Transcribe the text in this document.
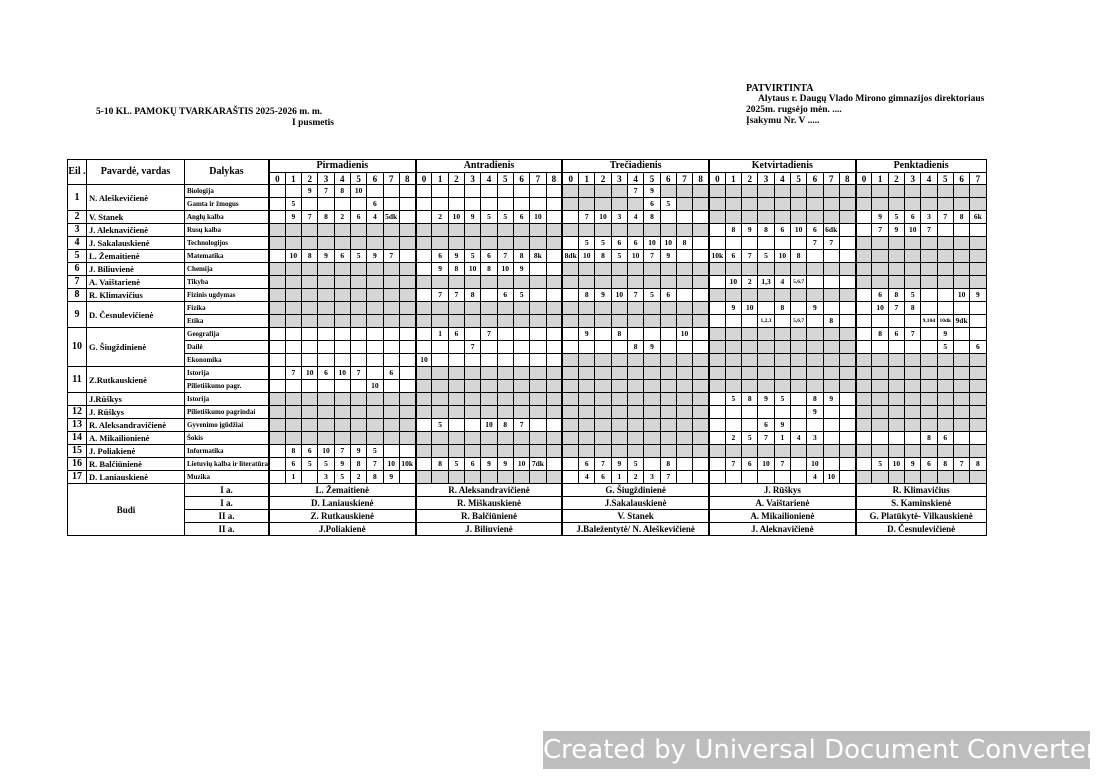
PATVIRTINTA
Alytaus r. Daugų Vlado Mirono gimnazijos direktoriaus
2025m. rugsėjo mėn. ....
Įsakymu Nr. V .....
5-10 KL. PAMOKŲ TVARKARAŠTIS 2025-2026 m. m.
I pusmetis
Eil .	Pavardė, vardas	Dalykas	Pirmadienis									Antradienis									Trečiadienis									Ketvirtadienis									Penktadienis							
			0	1	2	3	4	5	6	7	8	0	1	2	3	4	5	6	7	8	0	1	2	3	4	5	6	7	8	0	1	2	3	4	5	6	7	8	0	1	2	3	4	5	6	7
1	N. Aleškevičienė	Biologija			9	7	8	10																	7	9																				
		Gamta ir žmogus		5					6																	6	5																			
2	V. Stanek	Anglų kalba		9	7	8	2	6	4	5dk			2	10	9	5	5	6	10			7	10	3	4	8														9	5	6	3	7	8	6k
3	J. Aleknavičienė	Rusų kalba																													8	9	8	6	10	6	6dk			7	9	10	7			
4	J. Sakalauskienė	Technologijos																				5	5	6	6	10	10	8								7	7									
5	L. Žemaitienė	Matematika		10	8	9	6	5	9	7			6	9	5	6	7	8	8k		8dk	10	8	5	10	7	9			10k	6	7	5	10	8											
6	J. Biliuvienė	Chemija											9	8	10	8	10	9																												
7	A. Vaištarienė	Tikyba																													10	2	1,3	4	5,6,7											
8	R. Klimavičius	Fizinis ugdymas											7	7	8		6	5				8	9	10	7	5	6													6	8	5			10	9
9	D. Česnulevičienė	Fizika																													9	10		8		9				10	7	8				
		Etika																															1,2,3		5,6,7		8						9,10d	10dk	9dk	
10	G. Šiugždinienė	Geografija											1	6		7						9		8				10												8	6	7		9		
		Dailė													7										8	9																		5		6
		Ekonomika										10																																		
11	Z.Rutkauskienė	Istorija		7	10	6	10	7		6																																				
		Pilietiškumo pagr.							10																																					
	J.Rūškys	Istorija																													5	8	9	5		8	9									
12	J. Rūškys	Pilietiškumo pagrindai																																		9										
13	R. Aleksandravičienė	Gyvenimo įgūdžiai											5			10	8	7															6	9												
14	A. Mikailionienė	Šokis																													2	5	7	1	4	3							8	6		
15	J. Poliakienė	Informatika		8	6	10	7	9	5																																					
16	R. Balčiūnienė	Lietuvių kalba ir literatūra		6	5	5	9	8	7	10	10k		8	5	6	9	9	10	7dk			6	7	9	5		8				7	6	10	7		10				5	10	9	6	8	7	8
17	D. Laniauskienė	Muzika		1		3	5	2	8	9												4	6	1	2	3	7									4	10									
Budi		I a.	L. Žemaitienė									R. Aleksandravičienė									G. Šiugždinienė									J. Rūškys									R. Klimavičius							
		I a.	D. Laniauskienė									R. Miškauskienė									J.Sakalauskienė									A. Vaištarienė									S. Kaminskienė							
		II a.	Z. Rutkauskienė									R. Balčiūnienė									V. Stanek									A. Mikailionienė									G. Platūkytė- Vilkauskienė							
		II a.	J.Poliakienė									J. Biliuvienė									J.Baležentytė/ N. Aleškevičienė									J. Aleknavičienė									D. Česnulevičienė							
Created by Universal Document Converter
